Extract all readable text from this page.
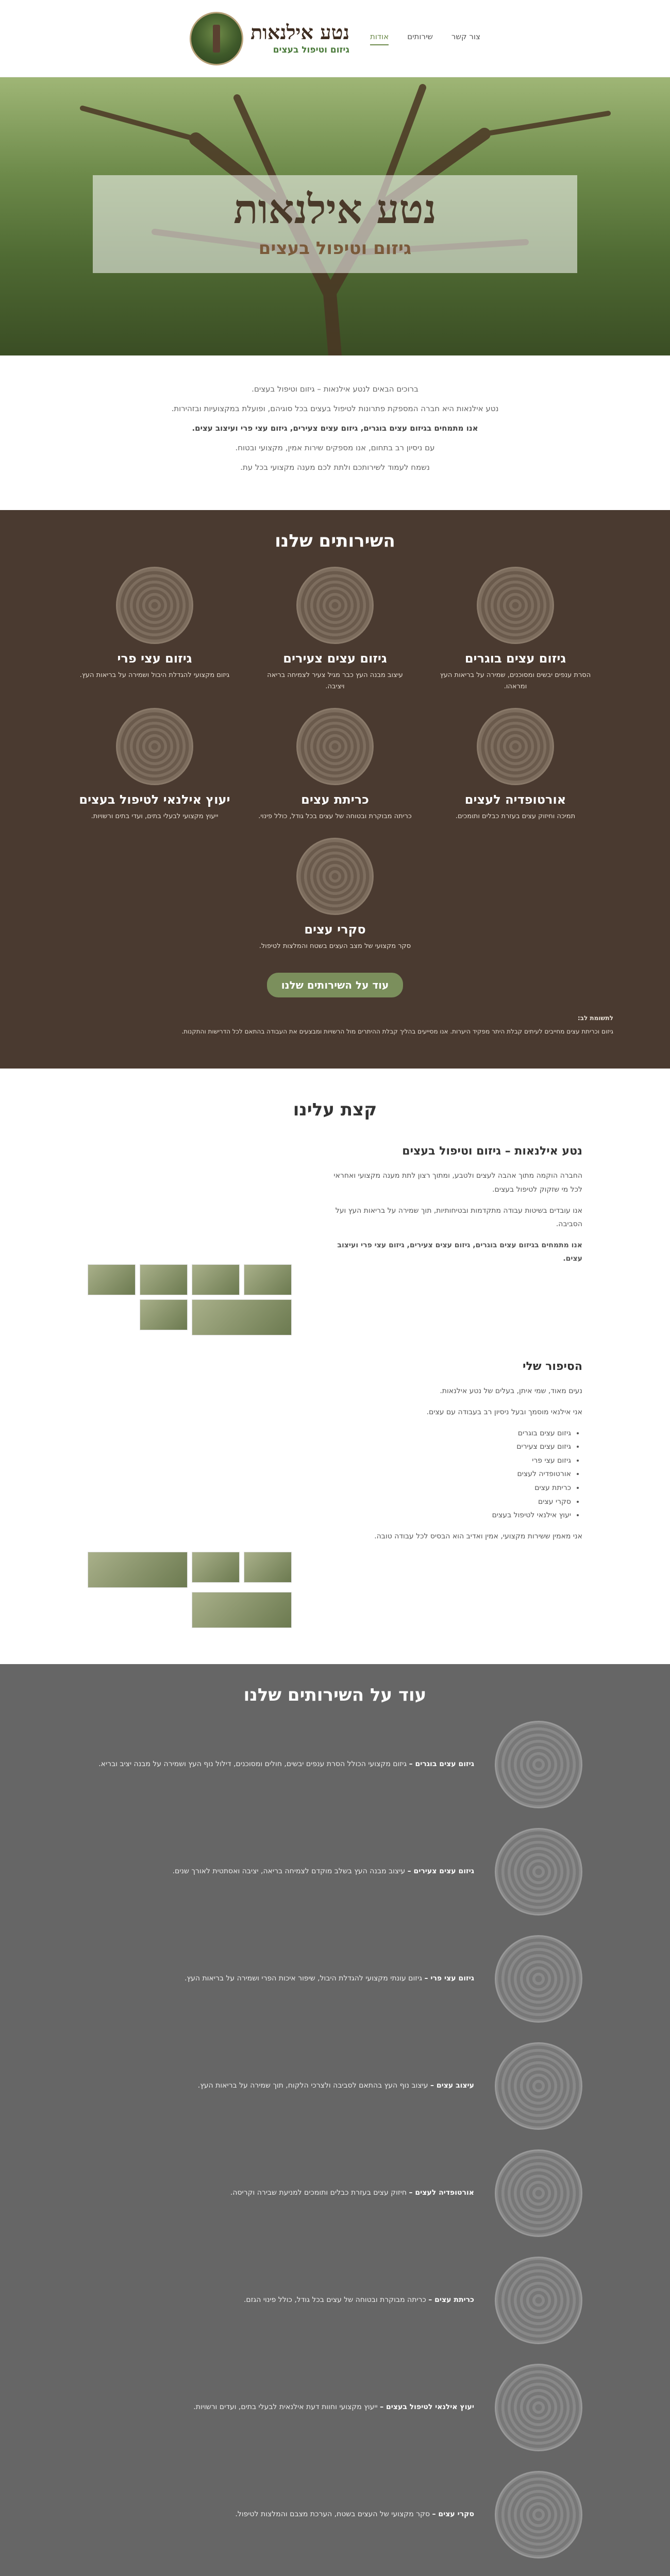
צור קשר
שירותים
אודות
נטע אילנאות
גיזום וטיפול בעצים
נטע אילנאות
גיזום וטיפול בעצים

ברוכים הבאים לנטע אילנאות – גיזום וטיפול בעצים.

נטע אילנאות היא חברה המספקת פתרונות לטיפול בעצים בכל סוגיהם, ופועלת במקצועיות ובזהירות.

אנו מתמחים בגיזום עצים בוגרים, גיזום עצים צעירים, גיזום עצי פרי ועיצוב עצים.

עם ניסיון רב בתחום, אנו מספקים שירות אמין, מקצועי ובטוח.

נשמח לעמוד לשירותכם ולתת לכם מענה מקצועי בכל עת.

השירותים שלנו
גיזום עצים בוגרים
הסרת ענפים יבשים ומסוכנים, שמירה על בריאות העץ ומראהו.
גיזום עצים צעירים
עיצוב מבנה העץ כבר מגיל צעיר לצמיחה בריאה ויציבה.
גיזום עצי פרי
גיזום מקצועי להגדלת היבול ושמירה על בריאות העץ.
אורטופדיה לעצים
תמיכה וחיזוק עצים בעזרת כבלים ותומכים.
כריתת עצים
כריתה מבוקרת ובטוחה של עצים בכל גודל, כולל פינוי.
יעוץ אילנאי לטיפול בעצים
ייעוץ מקצועי לבעלי בתים, ועדי בתים ורשויות.
סקרי עצים
סקר מקצועי של מצב העצים בשטח והמלצות לטיפול.
עוד על השירותים שלנו
לתשומת לב:
גיזום וכריתת עצים מחייבים לעיתים קבלת היתר מפקיד היערות. אנו מסייעים בהליך קבלת ההיתרים מול הרשויות ומבצעים את העבודה בהתאם לכל הדרישות והתקנות.
קצת עלינו
נטע אילנאות – גיזום וטיפול בעצים

החברה הוקמה מתוך אהבה לעצים ולטבע, ומתוך רצון לתת מענה מקצועי ואחראי לכל מי שזקוק לטיפול בעצים.

אנו עובדים בשיטות עבודה מתקדמות ובטיחותיות, תוך שמירה על בריאות העץ ועל הסביבה.

אנו מתמחים בגיזום עצים בוגרים, גיזום עצים צעירים, גיזום עצי פרי ועיצוב עצים.

הסיפור שלי

נעים מאוד, שמי איתן, בעלים של נטע אילנאות.

אני אילנאי מוסמך ובעל ניסיון רב בעבודה עם עצים.

• גיזום עצים בוגרים
• גיזום עצים צעירים
• גיזום עצי פרי
• אורטופדיה לעצים
• כריתת עצים
• סקרי עצים
• יעוץ אילנאי לטיפול בעצים

אני מאמין ששירות מקצועי, אמין ואדיב הוא הבסיס לכל עבודה טובה.

עוד על השירותים שלנו
גיזום עצים בוגרים – גיזום מקצועי הכולל הסרת ענפים יבשים, חולים ומסוכנים, דילול נוף העץ ושמירה על מבנה יציב ובריא.
גיזום עצים צעירים – עיצוב מבנה העץ בשלב מוקדם לצמיחה בריאה, יציבה ואסתטית לאורך שנים.
גיזום עצי פרי – גיזום עונתי מקצועי להגדלת היבול, שיפור איכות הפרי ושמירה על בריאות העץ.
עיצוב עצים – עיצוב נוף העץ בהתאם לסביבה ולצרכי הלקוח, תוך שמירה על בריאות העץ.
אורטופדיה לעצים – חיזוק עצים בעזרת כבלים ותומכים למניעת שבירה וקריסה.
כריתת עצים – כריתה מבוקרת ובטוחה של עצים בכל גודל, כולל פינוי הגזם.
יעוץ אילנאי לטיפול בעצים – ייעוץ מקצועי וחוות דעת אילנאית לבעלי בתים, ועדים ורשויות.
סקרי עצים – סקר מקצועי של העצים בשטח, הערכת מצבם והמלצות לטיפול.
